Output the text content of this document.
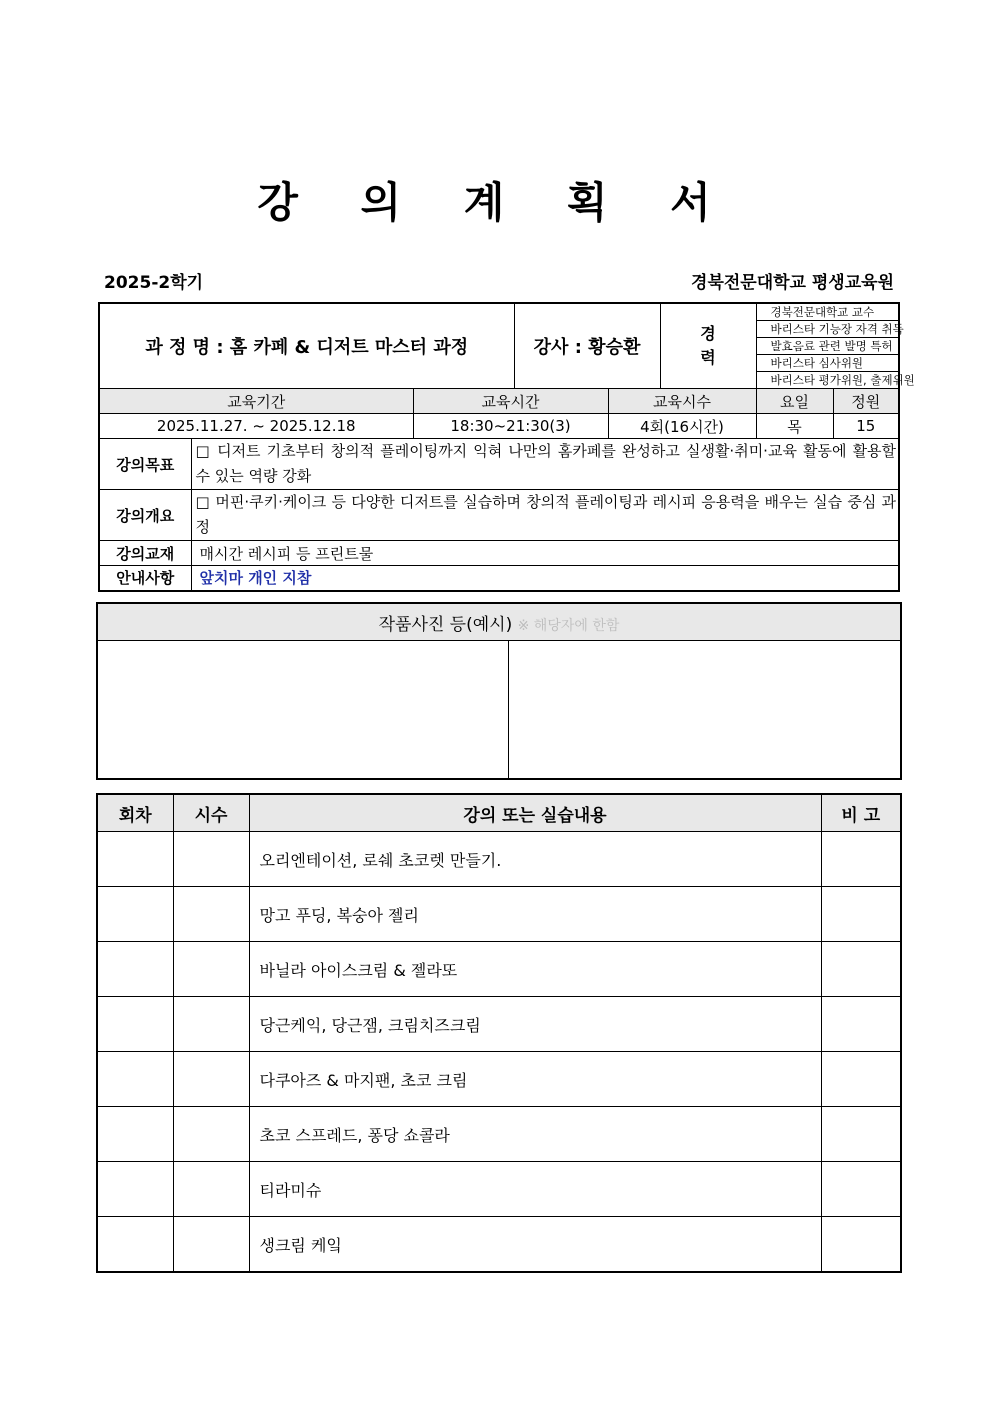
강 의 계 획 서
2025-2학기	경북전문대학교 평생교육원
과 정 명 : 홈 카페 & 디저트 마스터 과정			강사 : 황승환		경
력	경북전문대학교 교수	
						바리스타 기능장 자격 취득	
						발효음료 관련 발명 특허	
						바리스타 심사위원	
						바리스타 평가위원, 출제위원	
교육기간		교육시간		교육시수		요일	정원
2025.11.27. ~ 2025.12.18		18:30~21:30(3)		4회(16시간)		목	15
강의목표	□ 디저트 기초부터 창의적 플레이팅까지 익혀 나만의 홈카페를 완성하고 실생활·취미·교육 활동에 활용할 수 있는 역량 강화						
강의개요	□ 머핀·쿠키·케이크 등 다양한 디저트를 실습하며 창의적 플레이팅과 레시피 응용력을 배우는 실습 중심 과정						
강의교재	매시간 레시피 등 프린트물						
안내사항	앞치마 개인 지참						
작품사진 등(예시) ※ 해당자에 한함

회차	시수	강의 또는 실습내용	비 고
		오리엔테이션, 로쉐 초코렛 만들기.	
		망고 푸딩, 복숭아 젤리	
		바닐라 아이스크림 & 젤라또	
		당근케익, 당근잼, 크림치즈크림	
		다쿠아즈 & 마지팬, 초코 크림	
		초코 스프레드, 퐁당 쇼콜라	
		티라미슈	
		생크림 케잌	
